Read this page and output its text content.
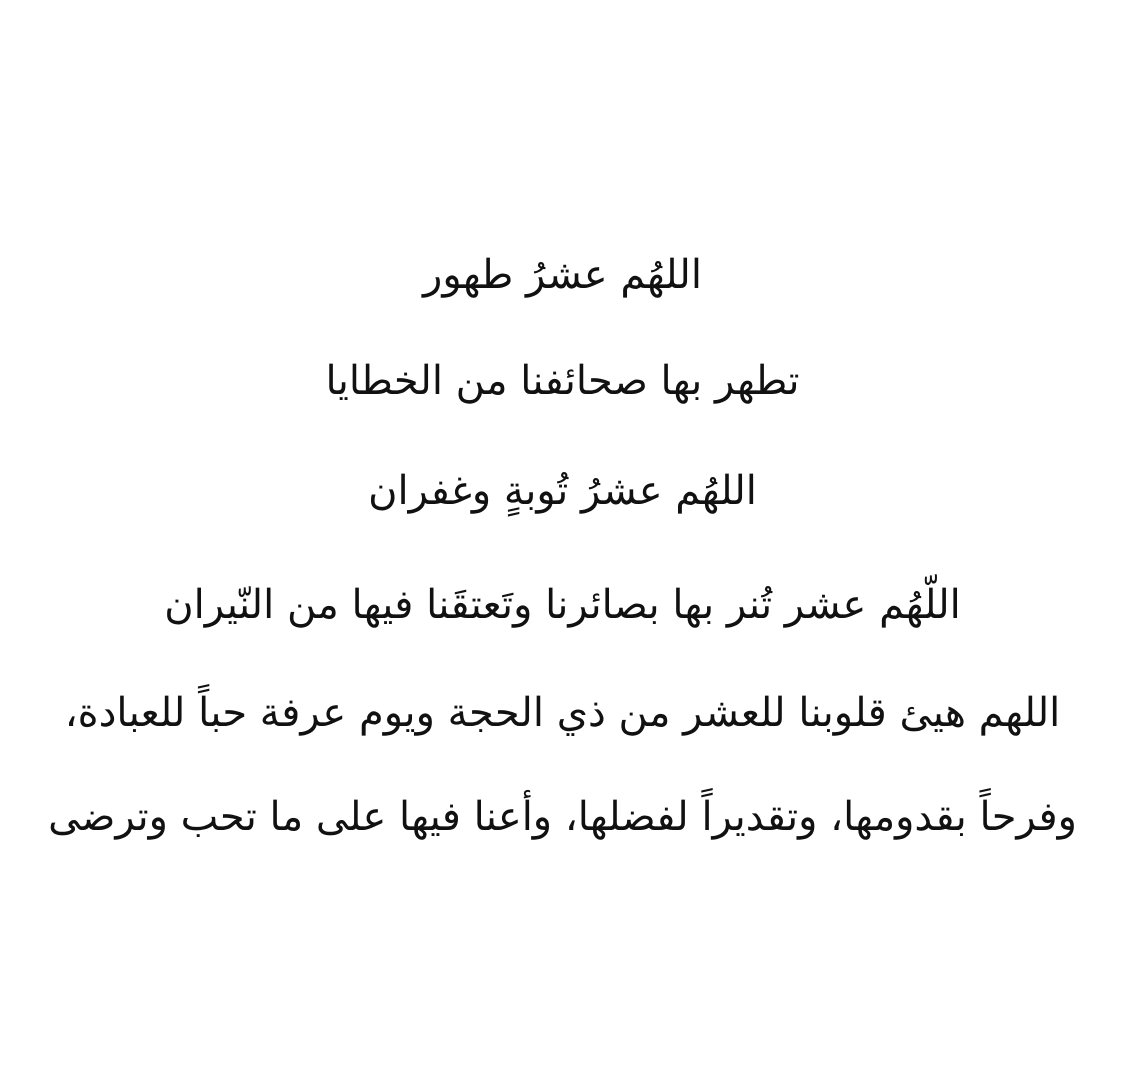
اللهُم عشرُ طهور
تطهر بها صحائفنا من الخطايا
اللهُم عشرُ تُوبةٍ وغفران
اللّهُم عشر تُنر بها بصائرنا وتَعتقَنا فيها من النّيران
اللهم هيئ قلوبنا للعشر من ذي الحجة ويوم عرفة حباً للعبادة،
وفرحاً بقدومها، وتقديراً لفضلها، وأعنا فيها على ما تحب وترضى
